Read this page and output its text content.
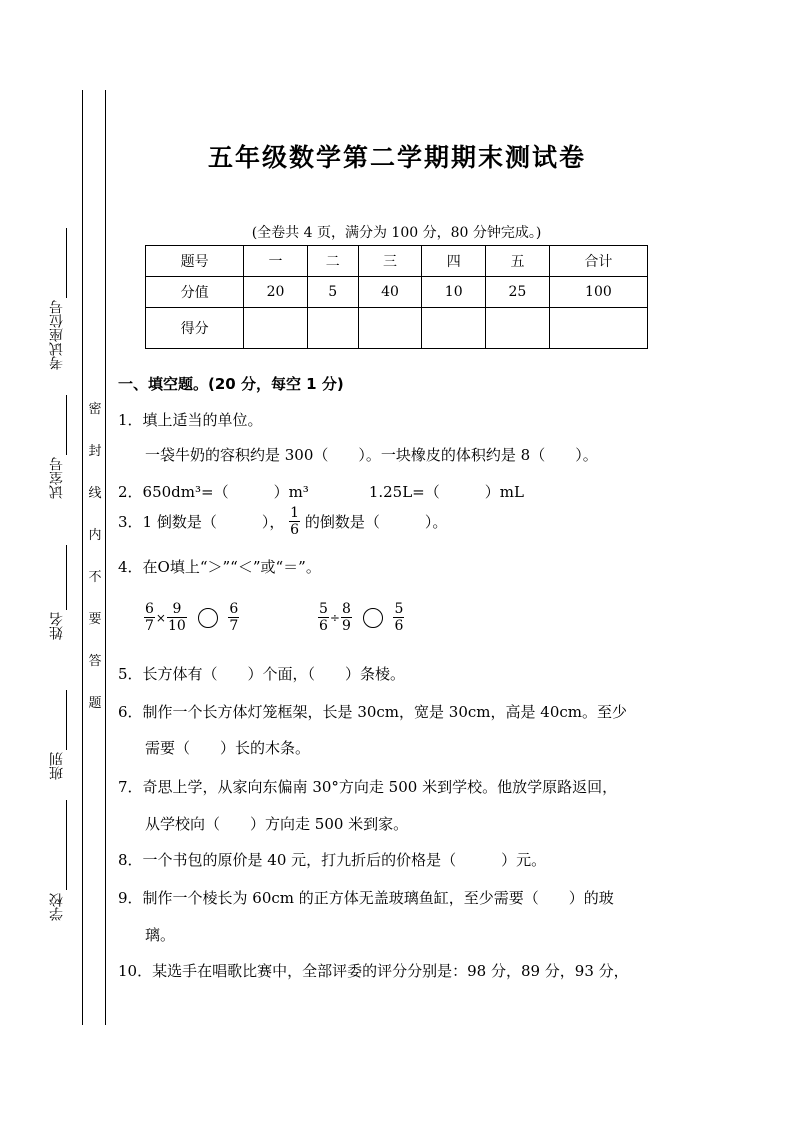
考试座位号
试室号
姓名
班别
学校
密
封
线
内
不
要
答
题
五年级数学第二学期期末测试卷
(全卷共 4 页，满分为 100 分，80 分钟完成。)
题号	一	二	三	四	五	合计
分值	20	5	40	10	25	100
得分						
一、填空题。(20 分，每空 1 分)
1．填上适当的单位。
一袋牛奶的容积约是 300（　　）。一块橡皮的体积约是 8（　　）。
2．650dm³=（　　　）m³　　　　1.25L=（　　　）mL
3．1 倒数是（　　　）， $\frac{1}{6}$ 的倒数是（　　　）。
4．在O填上“＞”“＜”或“＝”。
$\frac{6}{7} \times \frac{9}{10}$
	$\frac{6}{7}$	$\frac{5}{6} \div \frac{8}{9}$
	$\frac{5}{6}$
5．长方体有（　　）个面，（　　）条棱。
6．制作一个长方体灯笼框架，长是 30cm，宽是 30cm，高是 40cm。至少
需要（　　）长的木条。
7．奇思上学，从家向东偏南 30°方向走 500 米到学校。他放学原路返回，
从学校向（　　）方向走 500 米到家。
8．一个书包的原价是 40 元，打九折后的价格是（　　　）元。
9．制作一个棱长为 60cm 的正方体无盖玻璃鱼缸，至少需要（　　）的玻
璃。
10．某选手在唱歌比赛中，全部评委的评分分别是：98 分，89 分，93 分，
